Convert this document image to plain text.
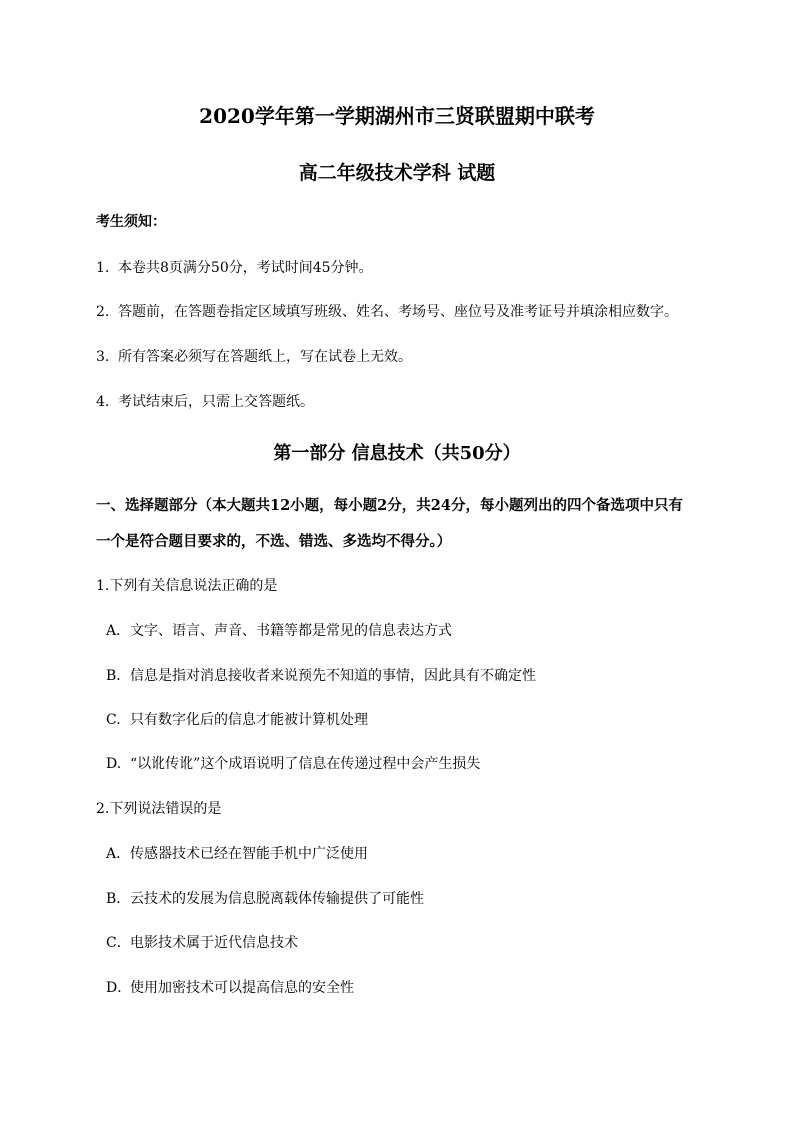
2020学年第一学期湖州市三贤联盟期中联考
高二年级技术学科 试题
考生须知：
1. 本卷共8页满分50分，考试时间45分钟。
2. 答题前，在答题卷指定区域填写班级、姓名、考场号、座位号及准考证号并填涂相应数字。
3. 所有答案必须写在答题纸上，写在试卷上无效。
4. 考试结束后，只需上交答题纸。
第一部分 信息技术（共50分）
一、选择题部分（本大题共12小题，每小题2分，共24分，每小题列出的四个备选项中只有
一个是符合题目要求的，不选、错选、多选均不得分。）
1.下列有关信息说法正确的是
A．文字、语言、声音、书籍等都是常见的信息表达方式
B．信息是指对消息接收者来说预先不知道的事情，因此具有不确定性
C. 只有数字化后的信息才能被计算机处理
D. “以讹传讹”这个成语说明了信息在传递过程中会产生损失
2.下列说法错误的是
A．传感器技术已经在智能手机中广泛使用
B．云技术的发展为信息脱离载体传输提供了可能性
C．电影技术属于近代信息技术
D．使用加密技术可以提高信息的安全性
